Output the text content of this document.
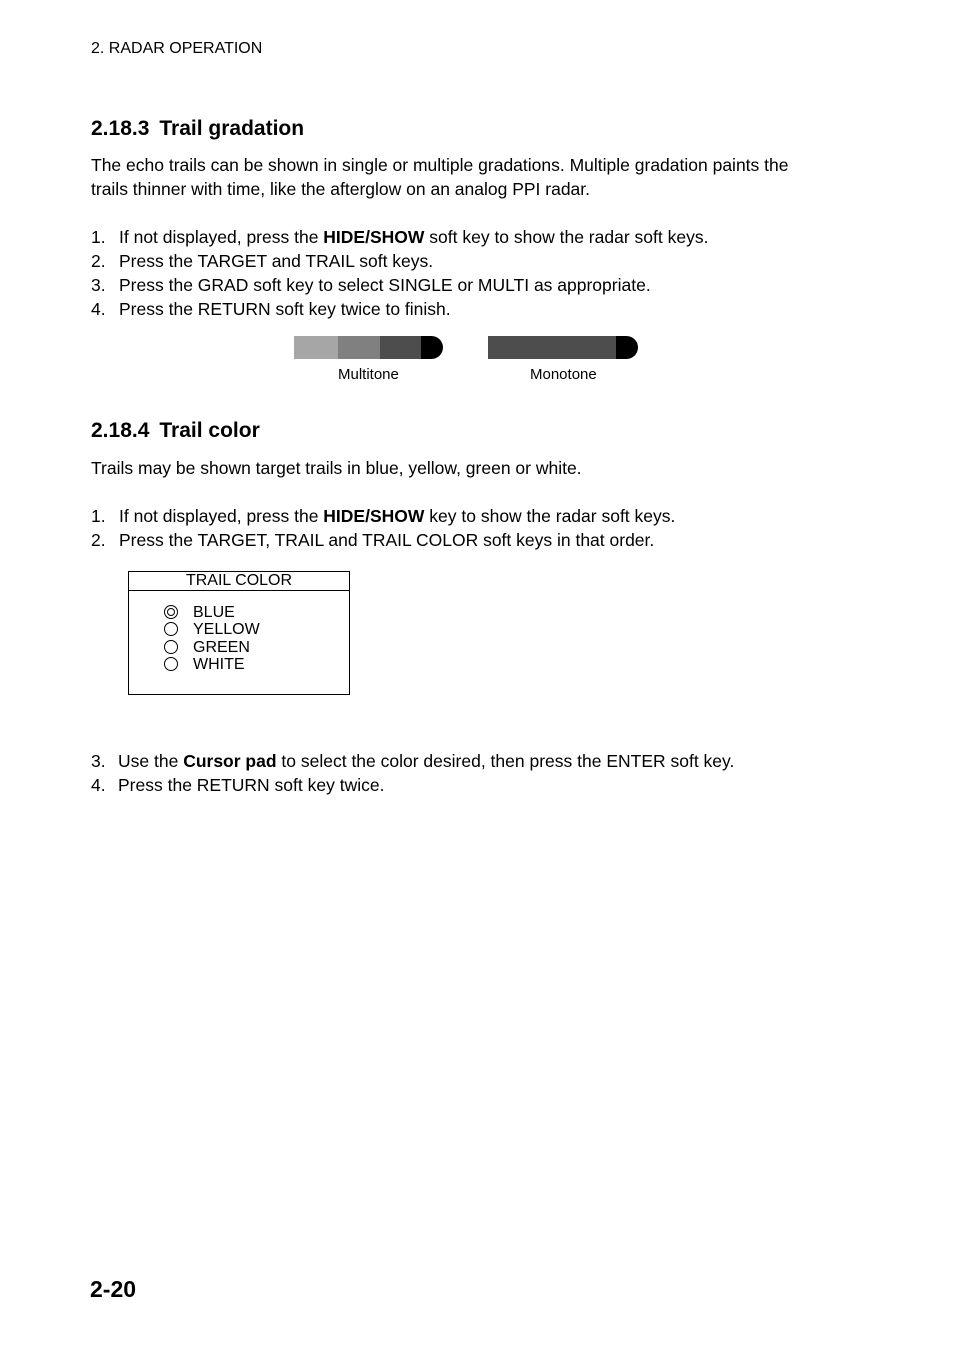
2. RADAR OPERATION
2.18.3 Trail gradation
The echo trails can be shown in single or multiple gradations. Multiple gradation paints the
trails thinner with time, like the afterglow on an analog PPI radar.
1. If not displayed, press the HIDE/SHOW soft key to show the radar soft keys.
2. Press the TARGET and TRAIL soft keys.
3. Press the GRAD soft key to select SINGLE or MULTI as appropriate.
4. Press the RETURN soft key twice to finish.
Multitone	Monotone
2.18.4 Trail color
Trails may be shown target trails in blue, yellow, green or white.
1. If not displayed, press the HIDE/SHOW key to show the radar soft keys.
2. Press the TARGET, TRAIL and TRAIL COLOR soft keys in that order.
TRAIL COLOR
BLUE
YELLOW
GREEN
WHITE
3. Use the Cursor pad to select the color desired, then press the ENTER soft key.
4. Press the RETURN soft key twice.
2-20
